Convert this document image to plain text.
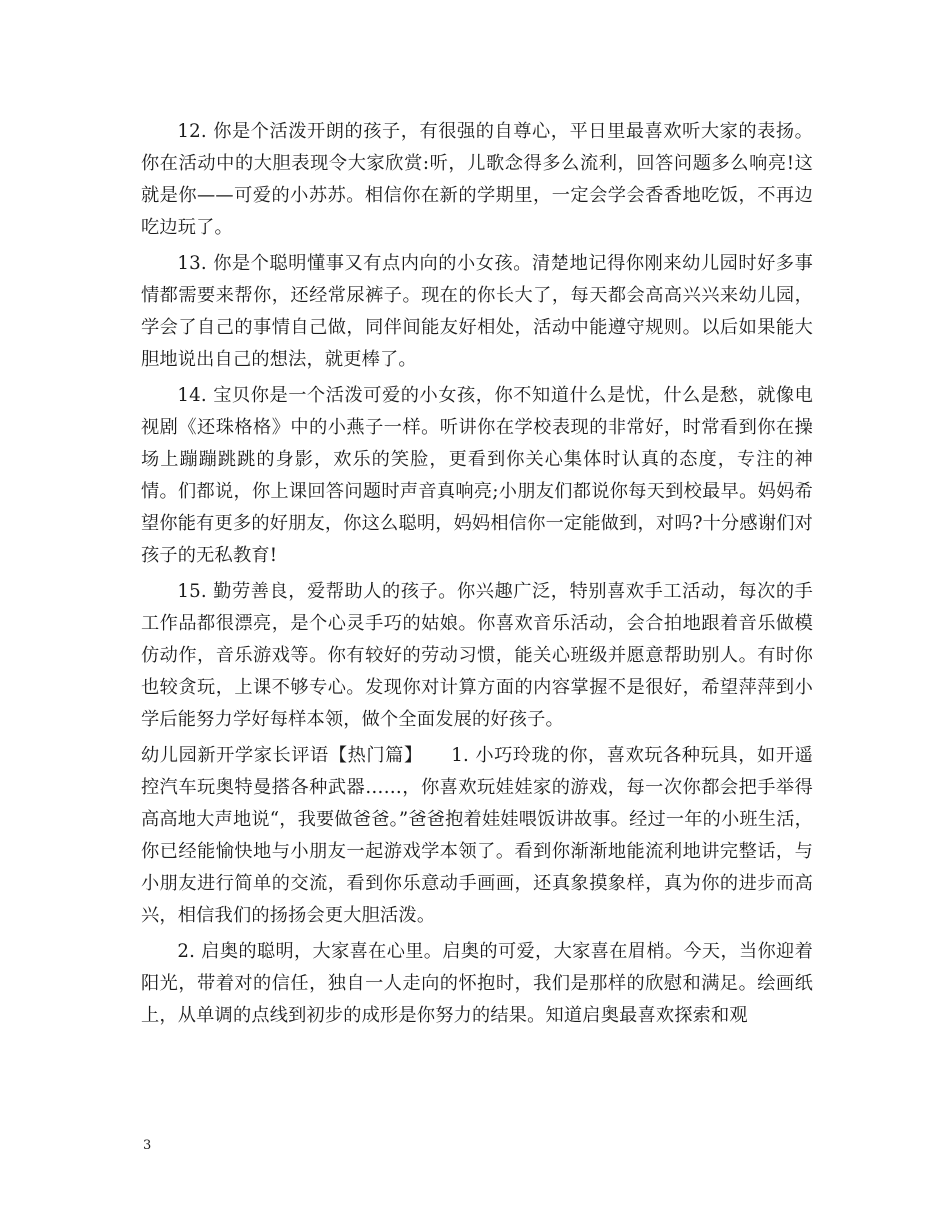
12. 你是个活泼开朗的孩子，有很强的自尊心，平日里最喜欢听大家的表扬。你在活动中的大胆表现令大家欣赏:听，儿歌念得多么流利，回答问题多么响亮!这就是你——可爱的小苏苏。相信你在新的学期里，一定会学会香香地吃饭，不再边吃边玩了。

13. 你是个聪明懂事又有点内向的小女孩。清楚地记得你刚来幼儿园时好多事情都需要来帮你，还经常尿裤子。现在的你长大了，每天都会高高兴兴来幼儿园，学会了自己的事情自己做，同伴间能友好相处，活动中能遵守规则。以后如果能大胆地说出自己的想法，就更棒了。

14. 宝贝你是一个活泼可爱的小女孩，你不知道什么是忧，什么是愁，就像电视剧《还珠格格》中的小燕子一样。听讲你在学校表现的非常好，时常看到你在操场上蹦蹦跳跳的身影，欢乐的笑脸，更看到你关心集体时认真的态度，专注的神情。们都说，你上课回答问题时声音真响亮;小朋友们都说你每天到校最早。妈妈希望你能有更多的好朋友，你这么聪明，妈妈相信你一定能做到，对吗?十分感谢们对孩子的无私教育!

15. 勤劳善良，爱帮助人的孩子。你兴趣广泛，特别喜欢手工活动，每次的手工作品都很漂亮，是个心灵手巧的姑娘。你喜欢音乐活动，会合拍地跟着音乐做模仿动作，音乐游戏等。你有较好的劳动习惯，能关心班级并愿意帮助别人。有时你也较贪玩，上课不够专心。发现你对计算方面的内容掌握不是很好，希望萍萍到小学后能努力学好每样本领，做个全面发展的好孩子。

幼儿园新开学家长评语【热门篇】　　1. 小巧玲珑的你，喜欢玩各种玩具，如开遥控汽车玩奥特曼搭各种武器……，你喜欢玩娃娃家的游戏，每一次你都会把手举得高高地大声地说“，我要做爸爸。”爸爸抱着娃娃喂饭讲故事。经过一年的小班生活，你已经能愉快地与小朋友一起游戏学本领了。看到你渐渐地能流利地讲完整话，与小朋友进行简单的交流，看到你乐意动手画画，还真象摸象样，真为你的进步而高兴，相信我们的扬扬会更大胆活泼。

2. 启奥的聪明，大家喜在心里。启奥的可爱，大家喜在眉梢。今天，当你迎着阳光，带着对的信任，独自一人走向的怀抱时，我们是那样的欣慰和满足。绘画纸上，从单调的点线到初步的成形是你努力的结果。知道启奥最喜欢探索和观

3
